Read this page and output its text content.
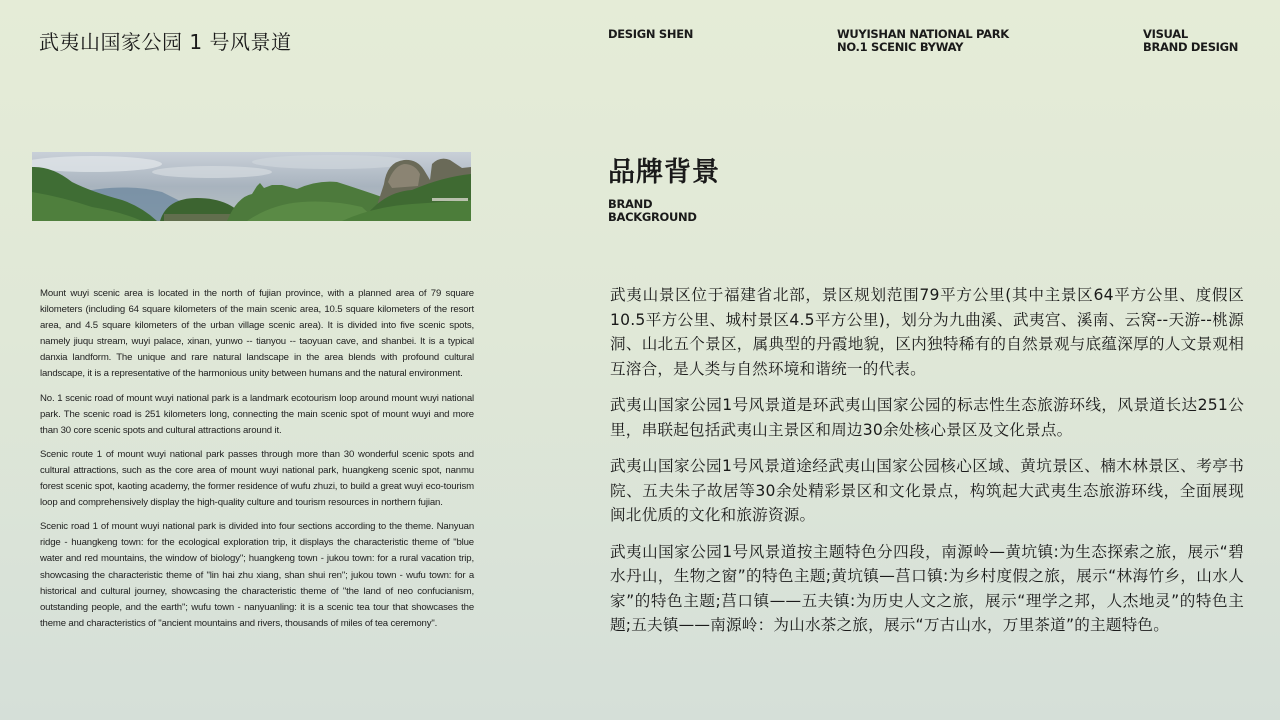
武夷山国家公园 1 号风景道	DESIGN SHEN	WUYISHAN NATIONAL PARK
NO.1 SCENIC BYWAY
VISUAL
BRAND DESIGN
品牌背景
BRAND
BACKGROUND

Mount wuyi scenic area is located in the north of fujian province, with a planned area of 79 square kilometers (including 64 square kilometers of the main scenic area, 10.5 square kilometers of the resort area, and 4.5 square kilometers of the urban village scenic area). It is divided into five scenic spots, namely jiuqu stream, wuyi palace, xinan, yunwo -- tianyou -- taoyuan cave, and shanbei. It is a typical danxia landform. The unique and rare natural landscape in the area blends with profound cultural landscape, it is a representative of the harmonious unity between humans and the natural environment.

No. 1 scenic road of mount wuyi national park is a landmark ecotourism loop around mount wuyi national park. The scenic road is 251 kilometers long, connecting the main scenic spot of mount wuyi and more than 30 core scenic spots and cultural attractions around it.

Scenic route 1 of mount wuyi national park passes through more than 30 wonderful scenic spots and cultural attractions, such as the core area of mount wuyi national park, huangkeng scenic spot, nanmu forest scenic spot, kaoting academy, the former residence of wufu zhuzi, to build a great wuyi eco-tourism loop and comprehensively display the high-quality culture and tourism resources in northern fujian.

Scenic road 1 of mount wuyi national park is divided into four sections according to the theme. Nanyuan ridge - huangkeng town: for the ecological exploration trip, it displays the characteristic theme of "blue water and red mountains, the window of biology"; huangkeng town - jukou town: for a rural vacation trip, showcasing the characteristic theme of "lin hai zhu xiang, shan shui ren"; jukou town - wufu town: for a historical and cultural journey, showcasing the characteristic theme of "the land of neo confucianism, outstanding people, and the earth"; wufu town - nanyuanling: it is a scenic tea tour that showcases the theme and characteristics of "ancient mountains and rivers, thousands of miles of tea ceremony".

武夷山景区位于福建省北部，景区规划范围79平方公里(其中主景区64平方公里、度假区10.5平方公里、城村景区4.5平方公里)，划分为九曲溪、武夷宫、溪南、云窝--天游--桃源洞、山北五个景区，属典型的丹霞地貌，区内独特稀有的自然景观与底蕴深厚的人文景观相互溶合，是人类与自然环境和谐统一的代表。

武夷山国家公园1号风景道是环武夷山国家公园的标志性生态旅游环线，风景道长达251公里，串联起包括武夷山主景区和周边30余处核心景区及文化景点。

武夷山国家公园1号风景道途经武夷山国家公园核心区域、黄坑景区、楠木林景区、考亭书院、五夫朱子故居等30余处精彩景区和文化景点，构筑起大武夷生态旅游环线，全面展现闽北优质的文化和旅游资源。

武夷山国家公园1号风景道按主题特色分四段，南源岭—黄坑镇:为生态探索之旅，展示“碧水丹山，生物之窗”的特色主题;黄坑镇—莒口镇:为乡村度假之旅，展示“林海竹乡，山水人家”的特色主题;莒口镇——五夫镇:为历史人文之旅，展示“理学之邦，人杰地灵”的特色主题;五夫镇——南源岭：为山水茶之旅，展示“万古山水，万里茶道”的主题特色。
